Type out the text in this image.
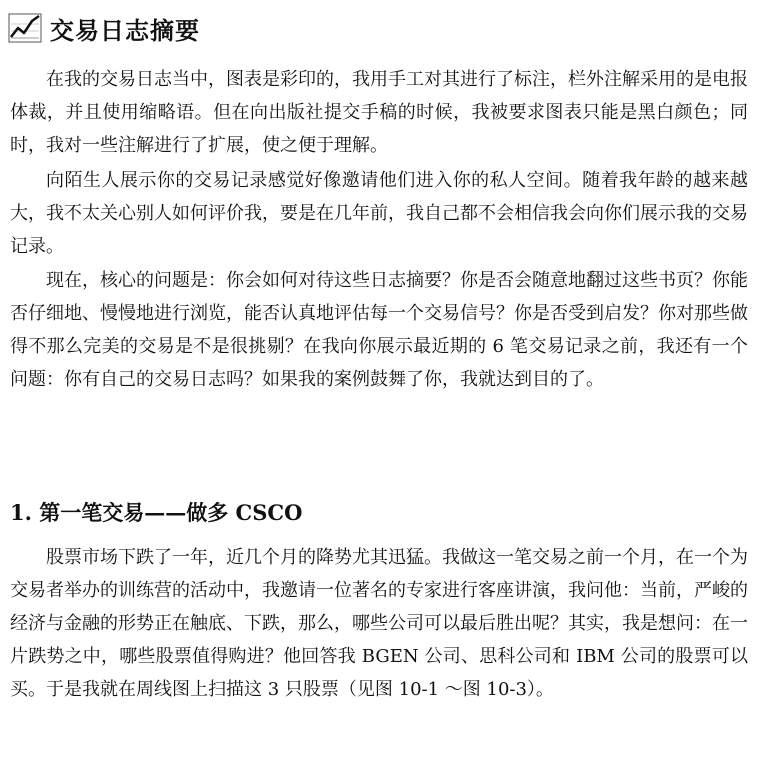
交易日志摘要

在我的交易日志当中，图表是彩印的，我用手工对其进行了标注，栏外注解采用的是电报体裁，并且使用缩略语。但在向出版社提交手稿的时候，我被要求图表只能是黑白颜色；同时，我对一些注解进行了扩展，使之便于理解。

向陌生人展示你的交易记录感觉好像邀请他们进入你的私人空间。随着我年龄的越来越大，我不太关心别人如何评价我，要是在几年前，我自己都不会相信我会向你们展示我的交易记录。

现在，核心的问题是：你会如何对待这些日志摘要？你是否会随意地翻过这些书页？你能否仔细地、慢慢地进行浏览，能否认真地评估每一个交易信号？你是否受到启发？你对那些做得不那么完美的交易是不是很挑剔？在我向你展示最近期的 6 笔交易记录之前，我还有一个问题：你有自己的交易日志吗？如果我的案例鼓舞了你，我就达到目的了。

1. 第一笔交易——做多 CSCO

股票市场下跌了一年，近几个月的降势尤其迅猛。我做这一笔交易之前一个月，在一个为交易者举办的训练营的活动中，我邀请一位著名的专家进行客座讲演，我问他：当前，严峻的经济与金融的形势正在触底、下跌，那么，哪些公司可以最后胜出呢？其实，我是想问：在一片跌势之中，哪些股票值得购进？他回答我 BGEN 公司、思科公司和 IBM 公司的股票可以买。于是我就在周线图上扫描这 3 只股票（见图 10-1 ～图 10-3）。
